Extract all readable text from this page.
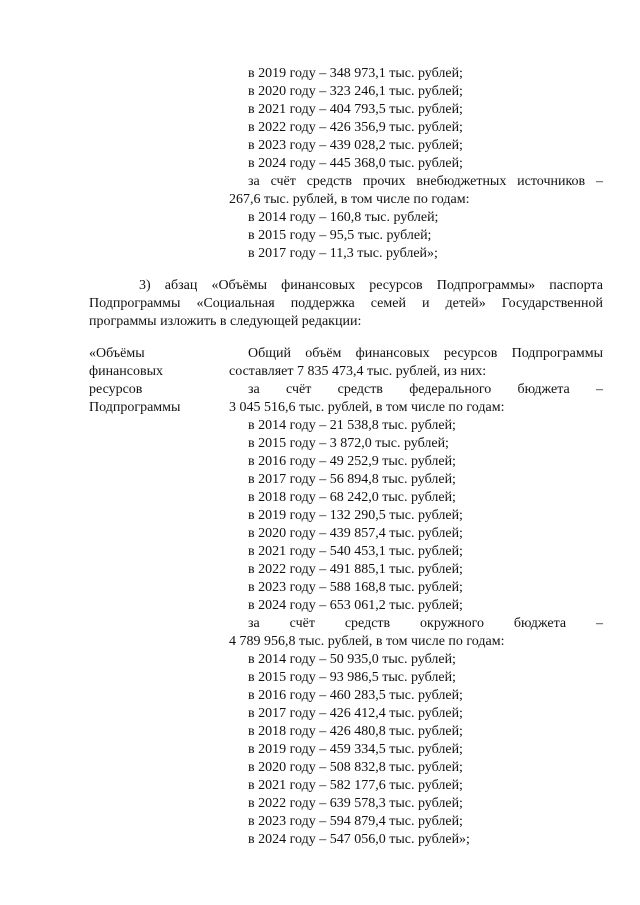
в 2019 году – 348 973,1 тыс. рублей;
в 2020 году – 323 246,1 тыс. рублей;
в 2021 году – 404 793,5 тыс. рублей;
в 2022 году – 426 356,9 тыс. рублей;
в 2023 году – 439 028,2 тыс. рублей;
в 2024 году – 445 368,0 тыс. рублей;
за счёт средств прочих внебюджетных источников –
267,6 тыс. рублей, в том числе по годам:
в 2014 году – 160,8 тыс. рублей;
в 2015 году – 95,5 тыс. рублей;
в 2017 году – 11,3 тыс. рублей»;
3) абзац «Объёмы финансовых ресурсов Подпрограммы» паспорта
Подпрограммы «Социальная поддержка семей и детей» Государственной
программы изложить в следующей редакции:
«Объёмы
финансовых
ресурсов
Подпрограммы
Общий объём финансовых ресурсов Подпрограммы
составляет 7 835 473,4 тыс. рублей, из них:
за счёт средств федерального бюджета –
3 045 516,6 тыс. рублей, в том числе по годам:
в 2014 году – 21 538,8 тыс. рублей;
в 2015 году – 3 872,0 тыс. рублей;
в 2016 году – 49 252,9 тыс. рублей;
в 2017 году – 56 894,8 тыс. рублей;
в 2018 году – 68 242,0 тыс. рублей;
в 2019 году – 132 290,5 тыс. рублей;
в 2020 году – 439 857,4 тыс. рублей;
в 2021 году – 540 453,1 тыс. рублей;
в 2022 году – 491 885,1 тыс. рублей;
в 2023 году – 588 168,8 тыс. рублей;
в 2024 году – 653 061,2 тыс. рублей;
за счёт средств окружного бюджета –
4 789 956,8 тыс. рублей, в том числе по годам:
в 2014 году – 50 935,0 тыс. рублей;
в 2015 году – 93 986,5 тыс. рублей;
в 2016 году – 460 283,5 тыс. рублей;
в 2017 году – 426 412,4 тыс. рублей;
в 2018 году – 426 480,8 тыс. рублей;
в 2019 году – 459 334,5 тыс. рублей;
в 2020 году – 508 832,8 тыс. рублей;
в 2021 году – 582 177,6 тыс. рублей;
в 2022 году – 639 578,3 тыс. рублей;
в 2023 году – 594 879,4 тыс. рублей;
в 2024 году – 547 056,0 тыс. рублей»;
